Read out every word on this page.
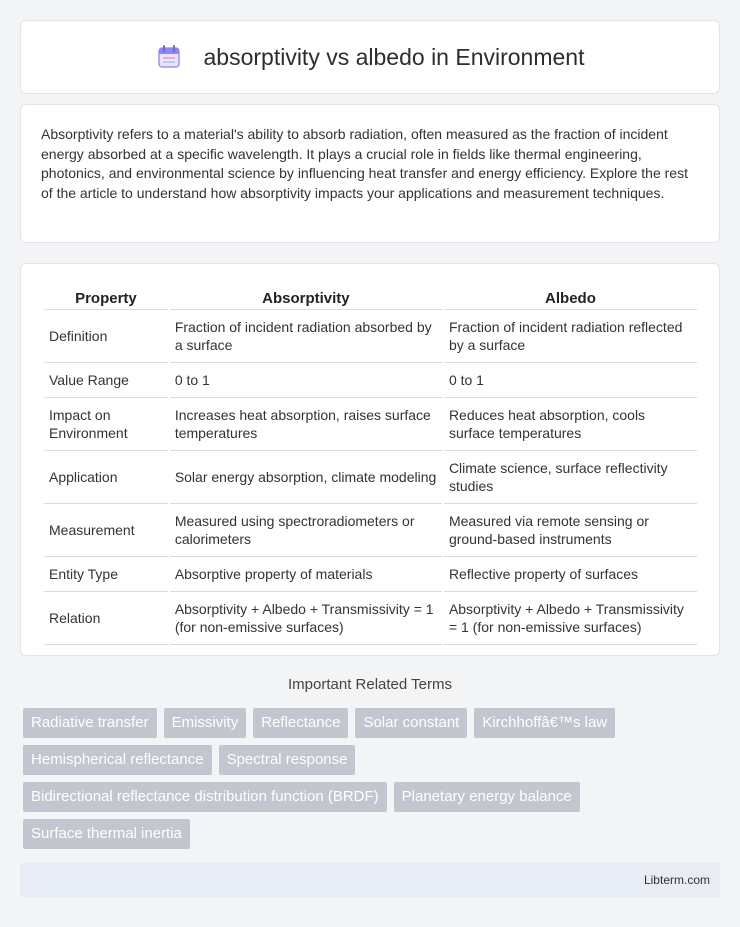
absorptivity vs albedo in Environment

Absorptivity refers to a material's ability to absorb radiation, often measured as the fraction of incident energy absorbed at a specific wavelength. It plays a crucial role in fields like thermal engineering, photonics, and environmental science by influencing heat transfer and energy efficiency. Explore the rest of the article to understand how absorptivity impacts your applications and measurement techniques.

Property	Absorptivity	Albedo
Definition	Fraction of incident radiation absorbed by a surface	Fraction of incident radiation reflected by a surface
Value Range	0 to 1	0 to 1
Impact on Environment	Increases heat absorption, raises surface temperatures	Reduces heat absorption, cools surface temperatures
Application	Solar energy absorption, climate modeling	Climate science, surface reflectivity studies
Measurement	Measured using spectroradiometers or calorimeters	Measured via remote sensing or ground-based instruments
Entity Type	Absorptive property of materials	Reflective property of surfaces
Relation	Absorptivity + Albedo + Transmissivity = 1 (for non-emissive surfaces)	Absorptivity + Albedo + Transmissivity = 1 (for non-emissive surfaces)
Important Related Terms
Radiative transfer	Emissivity	Reflectance	Solar constant	Kirchhoffâ€™s law
Hemispherical reflectance	Spectral response
Bidirectional reflectance distribution function (BRDF)	Planetary energy balance
Surface thermal inertia
Libterm.com
